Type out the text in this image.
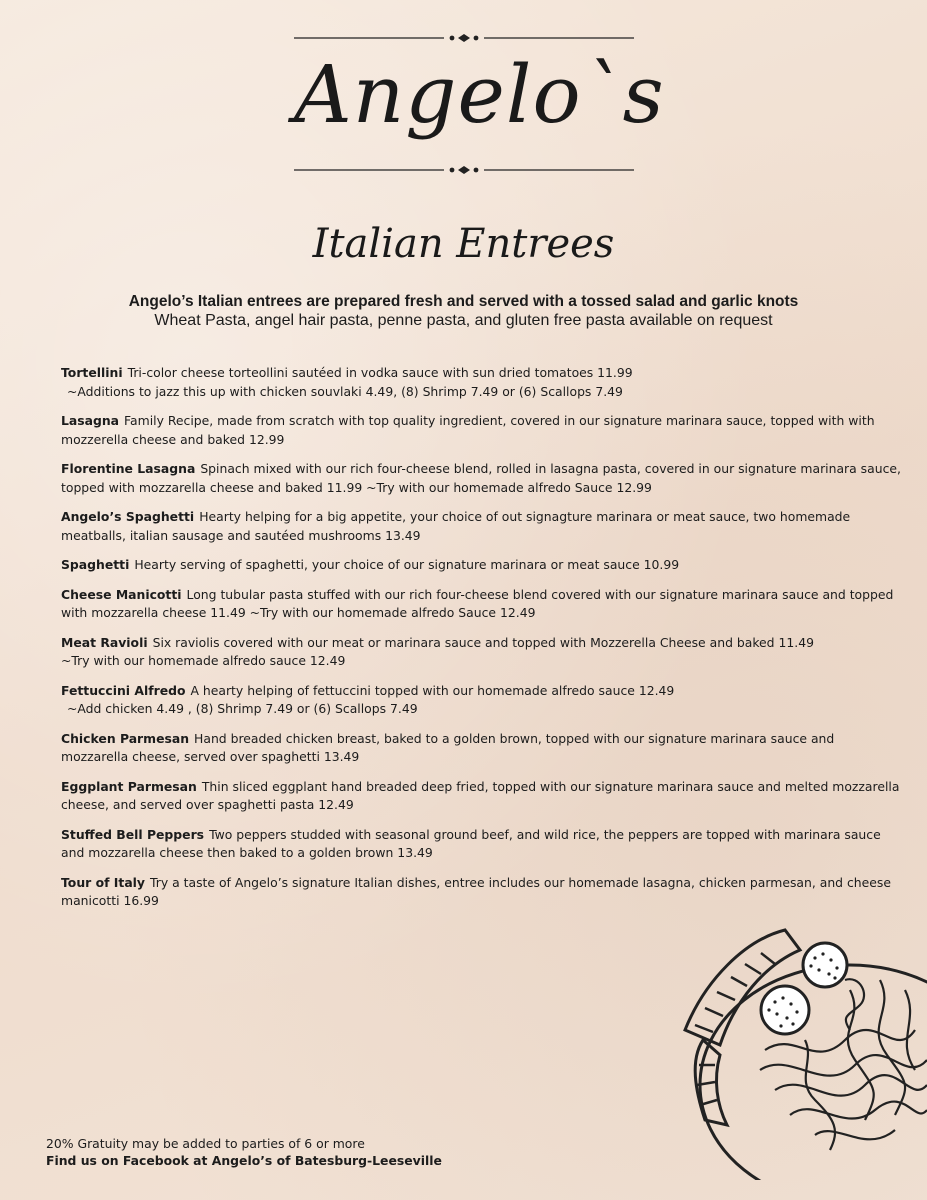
Angelo`s
Italian Entrees
Angelo’s Italian entrees are prepared fresh and served with a tossed salad and garlic knots
Wheat Pasta, angel hair pasta, penne pasta, and gluten free pasta available on request
Tortellini Tri-color cheese torteollini sautéed in vodka sauce with sun dried tomatoes 11.99
~Additions to jazz this up with chicken souvlaki 4.49, (8) Shrimp 7.49 or (6) Scallops 7.49
Lasagna Family Recipe, made from scratch with top quality ingredient, covered in our signature marinara sauce, topped with with mozzerella cheese and baked 12.99
Florentine Lasagna Spinach mixed with our rich four-cheese blend, rolled in lasagna pasta, covered in our signature marinara sauce, topped with mozzarella cheese and baked 11.99 ~Try with our homemade alfredo Sauce 12.99
Angelo’s Spaghetti Hearty helping for a big appetite, your choice of out signagture marinara or meat sauce, two homemade meatballs, italian sausage and sautéed mushrooms 13.49
Spaghetti Hearty serving of spaghetti, your choice of our signature marinara or meat sauce 10.99
Cheese Manicotti Long tubular pasta stuffed with our rich four-cheese blend covered with our signature marinara sauce and topped with mozzarella cheese 11.49 ~Try with our homemade alfredo Sauce 12.49
Meat Ravioli Six raviolis covered with our meat or marinara sauce and topped with Mozzerella Cheese and baked 11.49
~Try with our homemade alfredo sauce 12.49
Fettuccini Alfredo A hearty helping of fettuccini topped with our homemade alfredo sauce 12.49
~Add chicken 4.49 , (8) Shrimp 7.49 or (6) Scallops 7.49
Chicken Parmesan Hand breaded chicken breast, baked to a golden brown, topped with our signature marinara sauce and mozzarella cheese, served over spaghetti 13.49
Eggplant Parmesan Thin sliced eggplant hand breaded deep fried, topped with our signature marinara sauce and melted mozzarella cheese, and served over spaghetti pasta 12.49
Stuffed Bell Peppers Two peppers studded with seasonal ground beef, and wild rice, the peppers are topped with marinara sauce and mozzarella cheese then baked to a golden brown 13.49
Tour of Italy Try a taste of Angelo’s signature Italian dishes, entree includes our homemade lasagna, chicken parmesan, and cheese manicotti 16.99
20% Gratuity may be added to parties of 6 or more
Find us on Facebook at Angelo’s of Batesburg-Leeseville
